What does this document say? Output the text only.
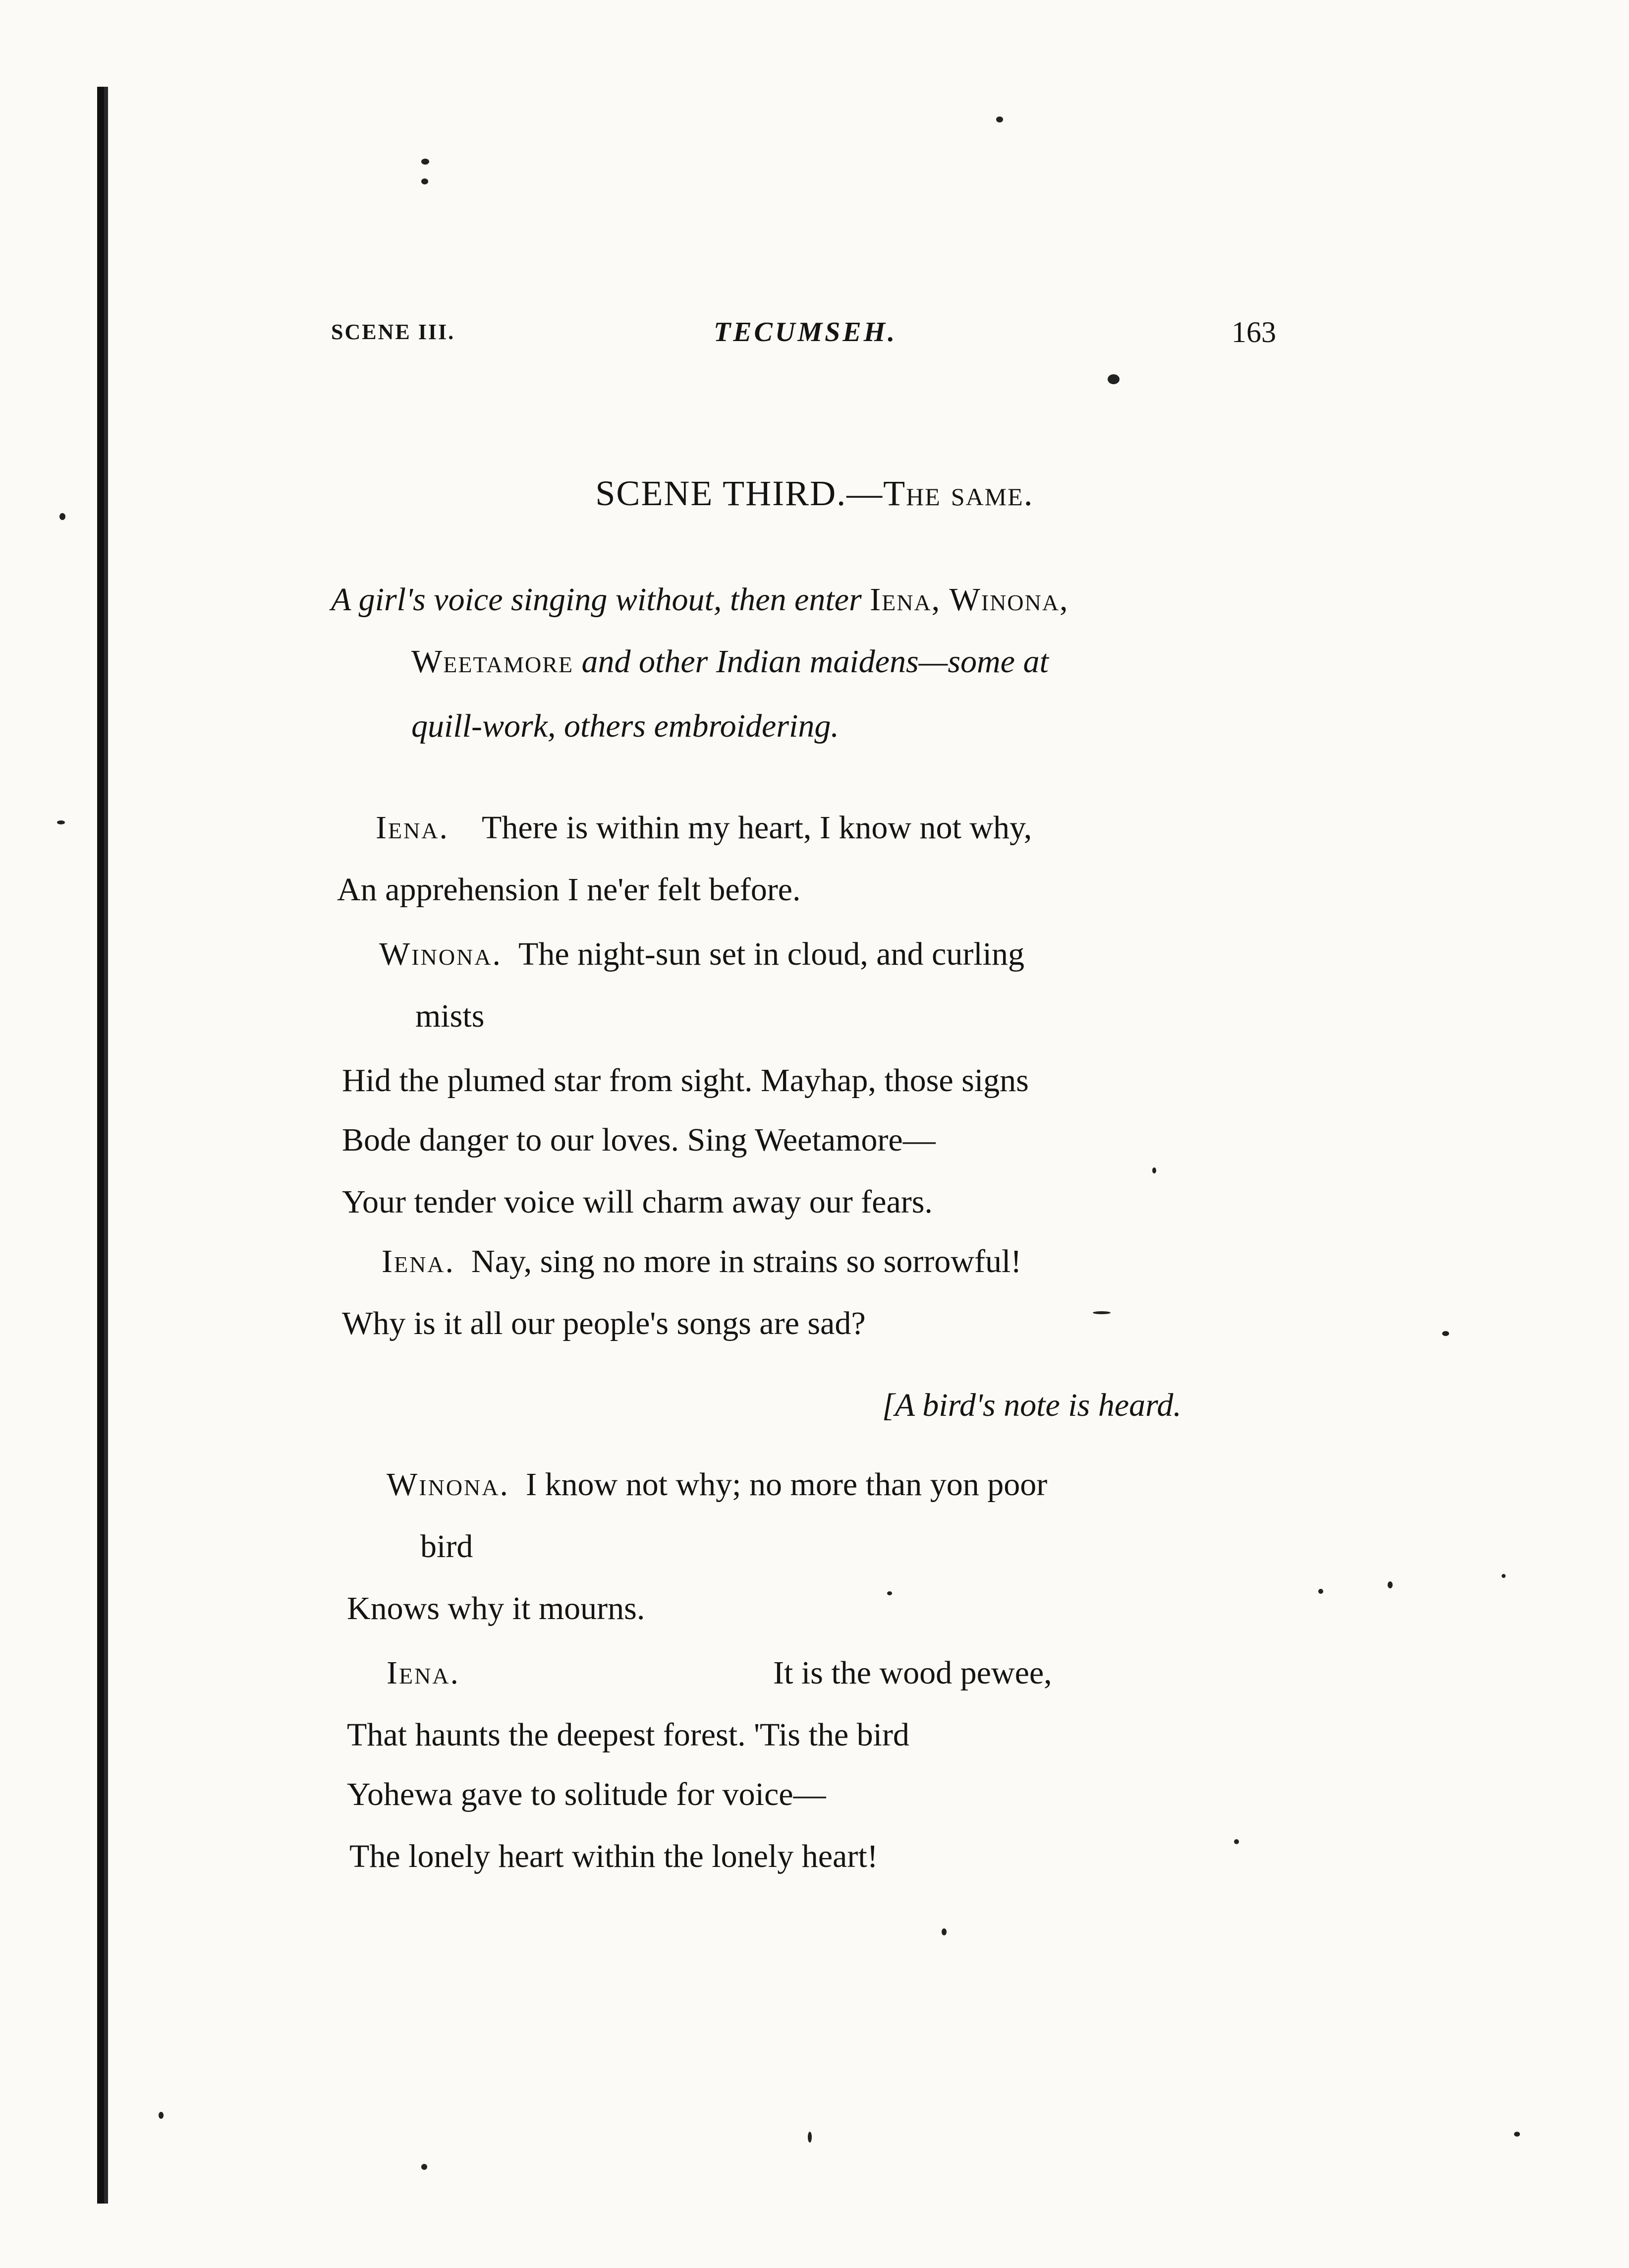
SCENE III.	TECUMSEH.	163
SCENE THIRD.—The same.
A girl's voice singing without, then enter Iena, Winona,
Weetamore and other Indian maidens—some at
quill-work, others embroidering.
Iena. There is within my heart, I know not why,
An apprehension I ne'er felt before.
Winona. The night-sun set in cloud, and curling
mists
Hid the plumed star from sight. Mayhap, those signs
Bode danger to our loves. Sing Weetamore—
Your tender voice will charm away our fears.
Iena. Nay, sing no more in strains so sorrowful!
Why is it all our people's songs are sad?
[A bird's note is heard.
Winona. I know not why; no more than yon poor
bird
Knows why it mourns.
Iena.	It is the wood pewee,
That haunts the deepest forest. 'Tis the bird
Yohewa gave to solitude for voice—
The lonely heart within the lonely heart!
